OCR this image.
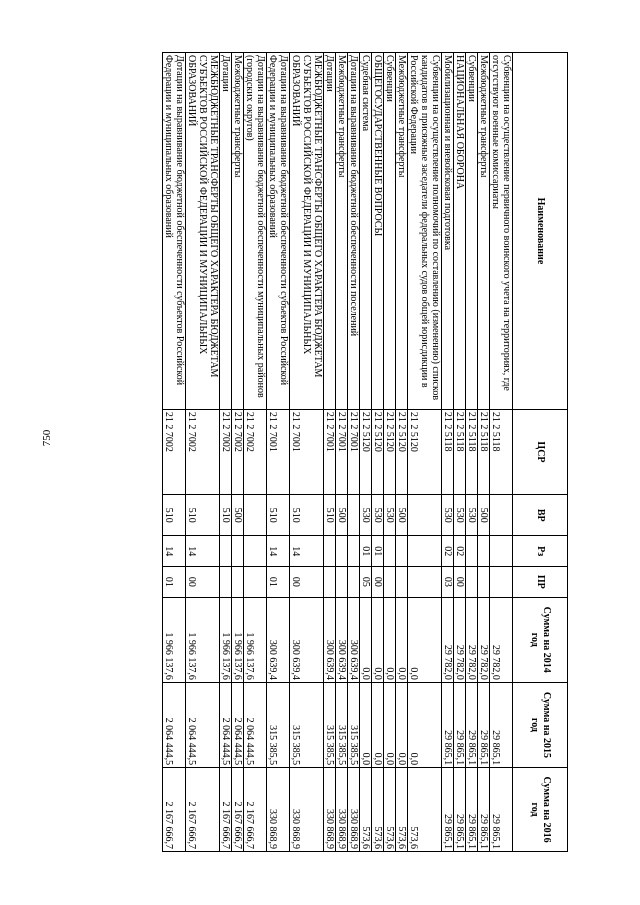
750
Наименование	ЦСР	ВР	Рз	ПР	Сумма на 2014 год	Сумма на 2015 год	Сумма на 2016 год
Субвенции на осуществление первичного воинского учета на территориях, где отсутствуют военные комиссариаты	21 2 5118				29 782,0	29 865,1	29 865,1
Межбюджетные трансферты	21 2 5118	500			29 782,0	29 865,1	29 865,1
Субвенции	21 2 5118	530			29 782,0	29 865,1	29 865,1
НАЦИОНАЛЬНАЯ ОБОРОНА	21 2 5118	530	02	00	29 782,0	29 865,1	29 865,1
Мобилизационная и вневойсковая подготовка	21 2 5118	530	02	03	29 782,0	29 865,1	29 865,1
Субвенции на осуществление полномочий по составлению (изменению) списков кандидатов в присяжные заседатели федеральных судов общей юрисдикции в Российской Федерации	21 2 5120				0,0	0,0	573,6
Межбюджетные трансферты	21 2 5120	500			0,0	0,0	573,6
Субвенции	21 2 5120	530			0,0	0,0	573,6
ОБЩЕГОСУДАРСТВЕННЫЕ ВОПРОСЫ	21 2 5120	530	01	00	0,0	0,0	573,6
Судебная система	21 2 5120	530	01	05	0,0	0,0	573,6
Дотации на выравнивание бюджетной обеспеченности поселений	21 2 7001				300 639,4	315 385,5	330 868,9
Межбюджетные трансферты	21 2 7001	500			300 639,4	315 385,5	330 868,9
Дотации	21 2 7001	510			300 639,4	315 385,5	330 868,9
МЕЖБЮДЖЕТНЫЕ ТРАНСФЕРТЫ ОБЩЕГО ХАРАКТЕРА БЮДЖЕТАМ СУБЪЕКТОВ РОССИЙСКОЙ ФЕДЕРАЦИИ И МУНИЦИПАЛЬНЫХ ОБРАЗОВАНИЙ	21 2 7001	510	14	00	300 639,4	315 385,5	330 868,9
Дотации на выравнивание бюджетной обеспеченности субъектов Российской Федерации и муниципальных образований	21 2 7001	510	14	01	300 639,4	315 385,5	330 868,9
Дотации на выравнивание бюджетной обеспеченности муниципальных районов (городских округов)	21 2 7002				1 966 137,6	2 064 444,5	2 167 666,7
Межбюджетные трансферты	21 2 7002	500			1 966 137,6	2 064 444,5	2 167 666,7
Дотации	21 2 7002	510			1 966 137,6	2 064 444,5	2 167 666,7
МЕЖБЮДЖЕТНЫЕ ТРАНСФЕРТЫ ОБЩЕГО ХАРАКТЕРА БЮДЖЕТАМ СУБЪЕКТОВ РОССИЙСКОЙ ФЕДЕРАЦИИ И МУНИЦИПАЛЬНЫХ ОБРАЗОВАНИЙ	21 2 7002	510	14	00	1 966 137,6	2 064 444,5	2 167 666,7
Дотации на выравнивание бюджетной обеспеченности субъектов Российской Федерации и муниципальных образований	21 2 7002	510	14	01	1 966 137,6	2 064 444,5	2 167 666,7
